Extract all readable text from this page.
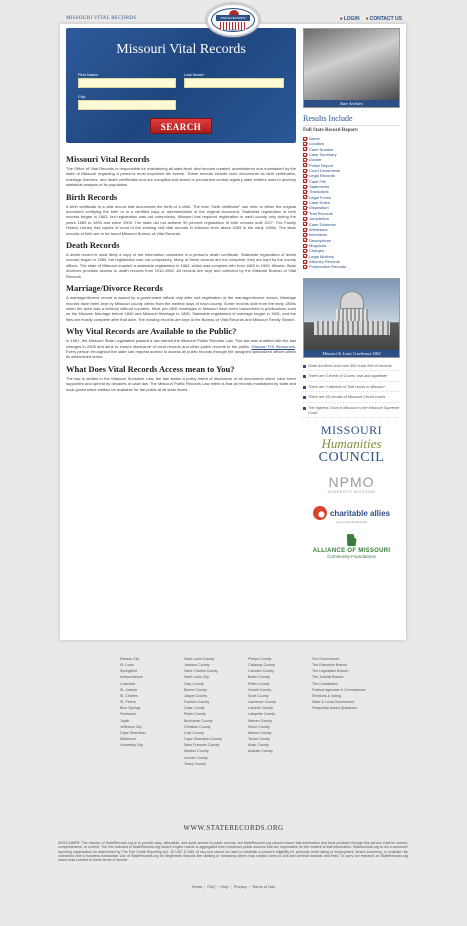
MISSOURI VITAL RECORDS	●LOGIN ●CONTACT US
STATE RECORDS
ORG
Missouri Vital Records
First Name:	Last Name:
City:
SEARCH
Missouri Vital Records

The Office of Vital Records is responsible for maintaining all state-level vital records created, administered and maintained by the state of Missouri regarding a person's most important life events. These records include such documents as birth certificates, marriage licenses, and death certificates and are compiled and stored in permanent central registry state entities uses to develop statistical analysis of its population.

Birth Records

A birth certificate is a vital record that documents the birth of a child. The term "birth certificate" can refer to either the original document certifying the birth or to a certified copy or representation of the original document. Statewide registration of birth records began in 1863, but registration was not compulsory. Missouri has required registration in each county only during the years 1883 to 1893 and since 1909. The state did not achieve 90 percent registration of birth records until 1927. The Family History Library has copies of most of the existing civil vital records in Missouri from about 1883 to the early 1900s. The state records of birth are to be found Missouri Bureau of Vital Records.

Death Records

A death record is most likely a copy of the information contained in a person's death certificate. Statewide registration of death records began in 1883, but registration was not compulsory. Many of these records are not complete; they are kept by the county offices. The state of Missouri enacted a statewide registration in 1883, which was complied with from 1883 to 1909. Mission State Archives provides access to death records from 1910-1960. All records are kept and collected by the Missouri Bureau of Vital Records.

Marriage/Divorce Records

A marriage/divorce record is issued by a government official only after civil registration of the marriage/divorce occurs. Marriage records have been kept by Missouri county clerks from the earliest days of each county. Some records date from the early 1800s when the area was a territory without counties. Most pre-1850 marriages in Missouri have been transcribed in publications such as the Missouri Marriage before 1840 and Missouri Marriage to 1850. Statewide registration of marriage began in 1981, and the files are mostly complete after that date. The existing records are kept at the Bureau of Vital Records and Missouri Family Search.

Why Vital Records are Available to the Public?

In 1961, the Missouri State Legislature passed a law named the Missouri Public Records Law. This law was enabled with the last changes in 2006 and aims to ensure disclosure of court records and other public records to the public. Missouri FOI Resources. Every person throughout the state can request access to access all public records through the assigned specialized offices within its determined terms.

What Does Vital Records Access mean to You?

The law is similar to the Missouri Sunshine Law, the law states a policy intent of disclosure of all documents which have been supported and upheld by decades of case law. The Missouri Public Records Law intent is that all records maintained by state and local government entities be available for the public at all state levels.

State Archives
Results Include
Full State Record Report:
Name
Location
Case Number
Case Summary
Docket
Police Report
Court Documents
Legal Records
Case File
Statements
Transcripts
Legal Forms
Case Notes
Disposition
Trial Records
Jurisdiction
Case Evidence
Witnesses
Interviews
Descriptions
Mugshots
Charges
Legal Motions
Attorney Records
Prosecution Records
Missouri St. Louis Courthouse 1862
State Archives hold over 500 cubic feet of records
There are 3 levels of Courts: trial and appellate
There are 3 districts of Trial courts in Missouri
There are 45 circuits of Missouri Circuit courts
The highest Court in Missouri is the Missouri Supreme Court
MISSOURI
Humanities
COUNCIL
NPMO
NONPROFIT MISSOURI
charitable allies
your nonprofit advocate
ALLIANCE OF MISSOURI
Community Foundations
Kansas City
St. Louis
Springfield
Independence
Columbia
St. Joseph
St. Charles
St. Peters
Blue Springs
Florissant
Joplin
Jefferson City
Cape Girardeau
Wildwood
University City
Saint Louis County
Jackson County
Saint Charles County
Saint Louis City
Clay County
Boone County
Jasper County
Franklin County
Cass County
Platte County
Buchanan County
Christian County
Cole County
Cape Girardeau County
Saint Francois County
Newton County
Lincoln County
Taney County
Phelps County
Callaway County
Camden County
Butler County
Pettis County
Howell County
Scott County
Lawrence County
Laclede County
Lafayette County
Warren County
Stone County
Marion County
Texas County
Adair County
Audrain County
Our Government
The Executive Branch
The Legislative Branch
The Judicial Branch
The Constitution
Federal Agencies & Commissions
Elections & Voting
State & Local Government
Frequently Asked Questions
WWW.STATERECORDS.ORG
DISCLAIMER: The mission of StateRecords.org is to provide easy, affordable, and quick access to public records, but StateRecords.org cannot ensure that information and facts provided through this service shall be correct, comprehensive, or current. The info included in StateRecords.org search engine results is aggregated from numerous public sources that are responsible for the content of that information. Staterecords.org is not a consumer reporting organization as determined by The Fair Credit Reporting Act, 15 USC § 1681 et seq and cannot be used to establish a person's eligibility for personal credit rating or employment, tenant screening, or evaluate risk connected with a business transaction Use of StateRecords.org for illegitimate reasons like stalking or harassing others may subject users to civil and criminal lawsuits and fines. To carry out research on StateRecords.org users must consent to these terms of service
Home | FAQ | Help | Privacy | Terms of Use
